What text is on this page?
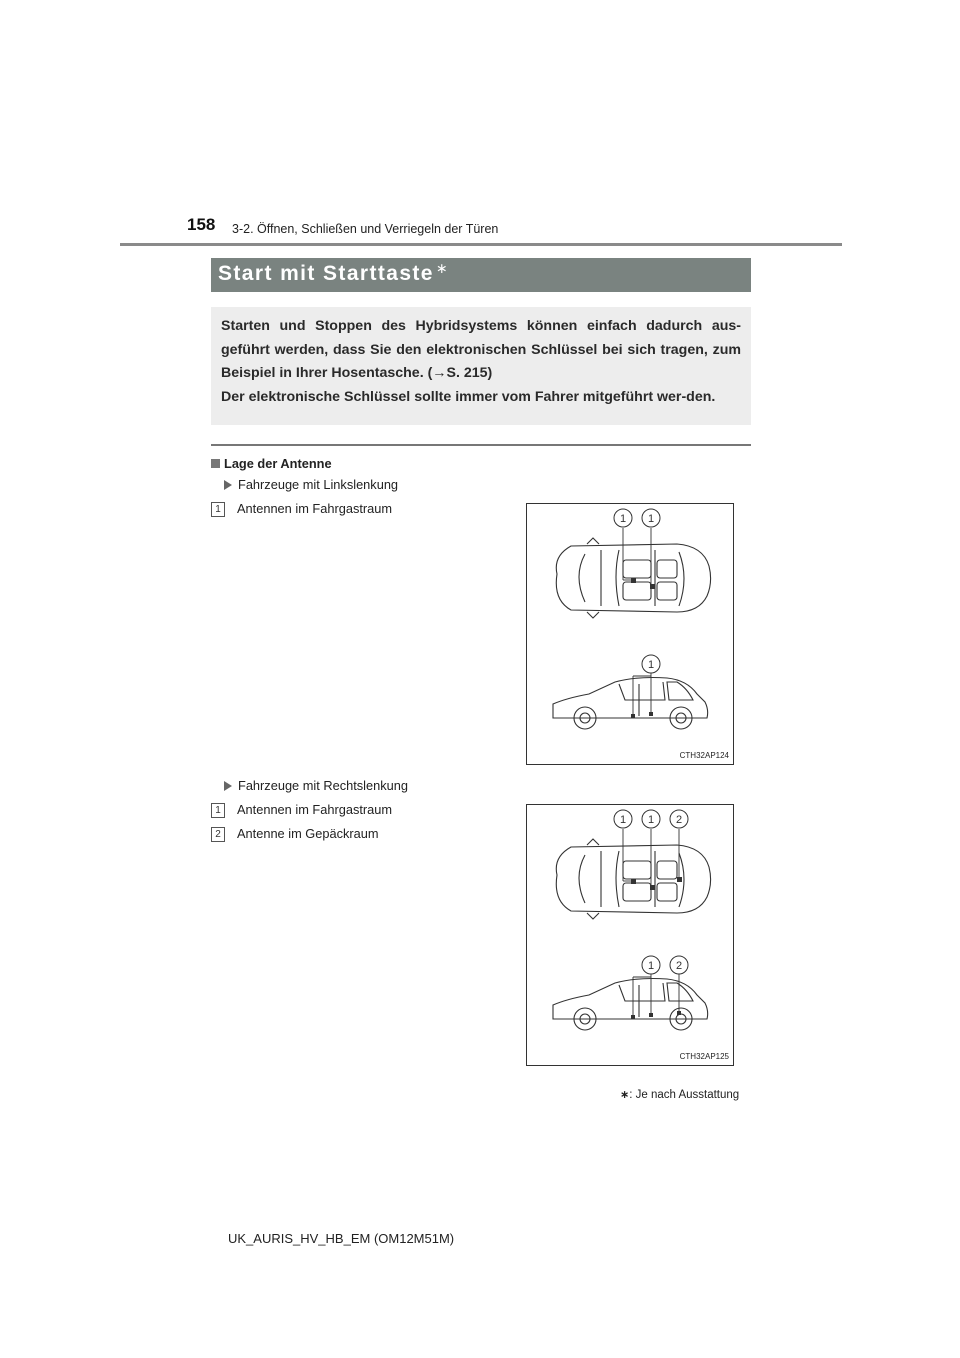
158 3-2. Öffnen, Schließen und Verriegeln der Türen
Start mit Starttaste ∗

Starten und Stoppen des Hybridsystems können einfach dadurch aus-geführt werden, dass Sie den elektronischen Schlüssel bei sich tragen, zum Beispiel in Ihrer Hosentasche. (→S. 215)

Der elektronische Schlüssel sollte immer vom Fahrer mitgeführt wer-den.

Lage der Antenne
Fahrzeuge mit Linkslenkung
1 Antennen im Fahrgastraum
1 1
1
CTH32AP124
Fahrzeuge mit Rechtslenkung
1 Antennen im Fahrgastraum
2 Antenne im Gepäckraum
1 1 2
1 2
CTH32AP125
∗: Je nach Ausstattung
UK_AURIS_HV_HB_EM (OM12M51M)
